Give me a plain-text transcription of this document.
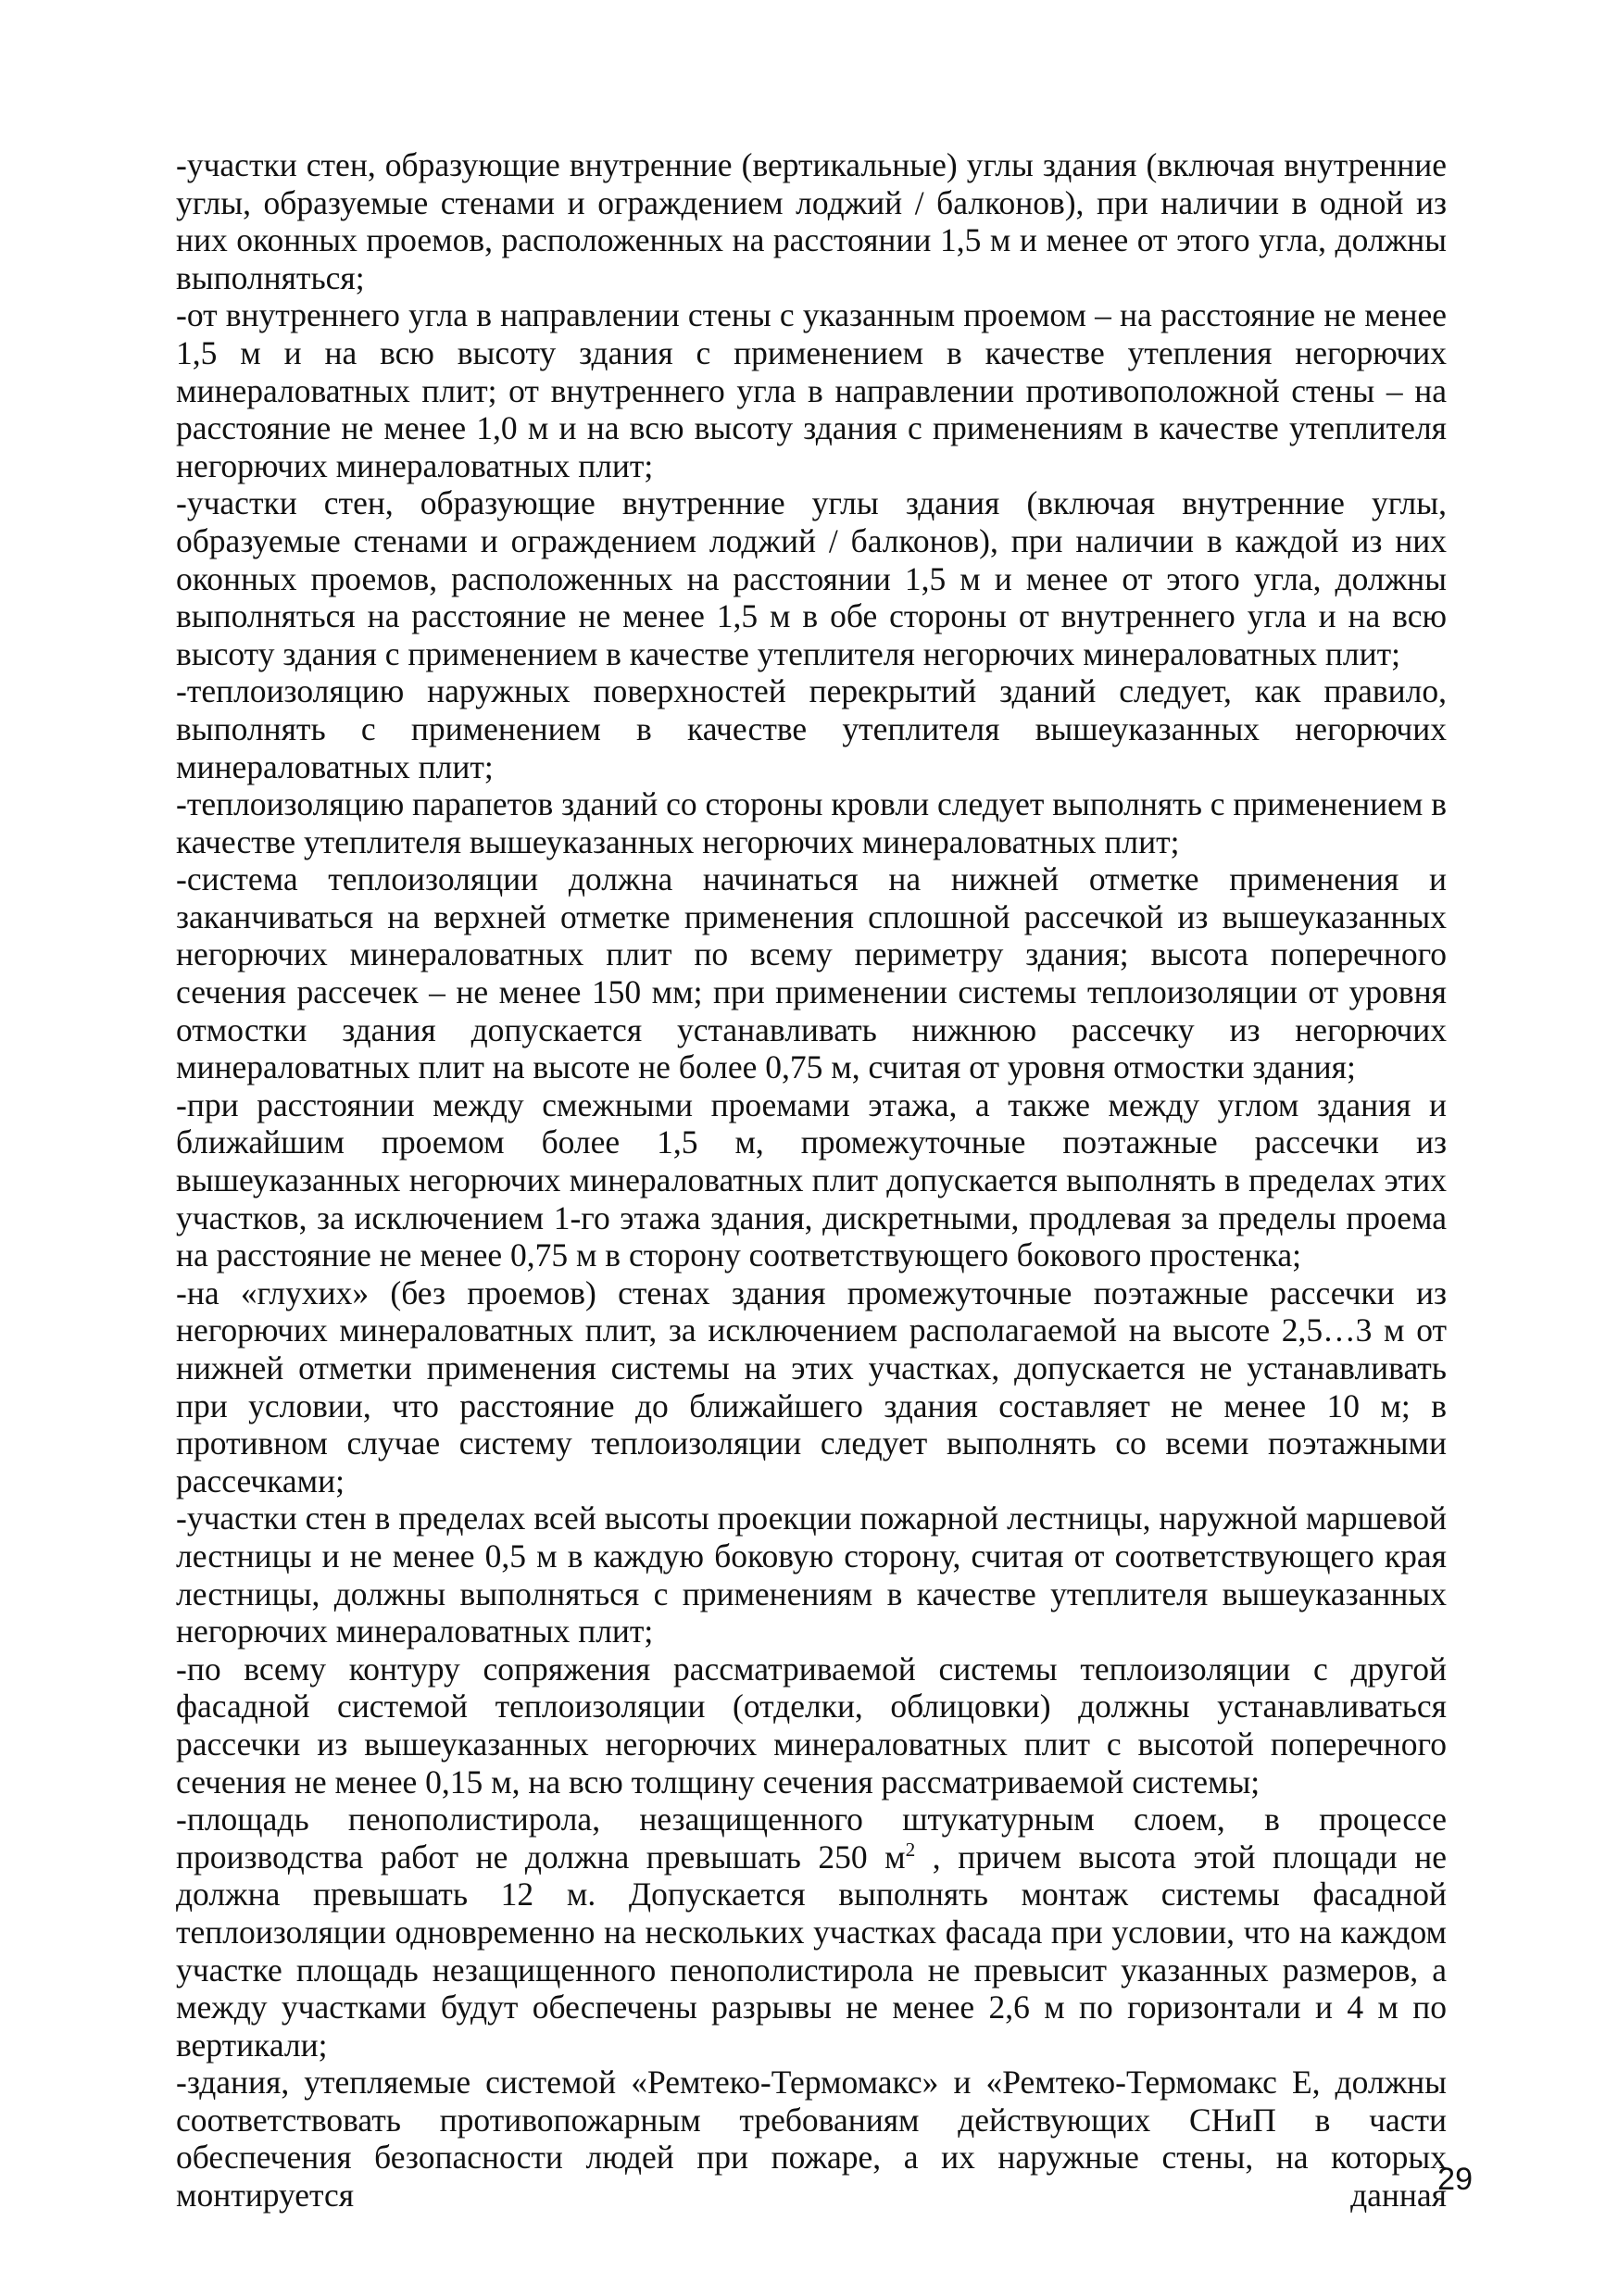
-участки стен, образующие внутренние (вертикальные) углы здания (включая внутренние углы, образуемые стенами и ограждением лоджий / балконов), при наличии в одной из них оконных проемов, расположенных на расстоянии 1,5 м и менее от этого угла, должны выполняться;

-от внутреннего угла в направлении стены с указанным проемом – на расстояние не менее 1,5 м и на всю высоту здания с применением в качестве утепления негорючих минераловатных плит; от внутреннего угла в направлении противоположной стены – на расстояние не менее 1,0 м и на всю высоту здания с применениям в качестве утеплителя негорючих минераловатных плит;

-участки стен, образующие внутренние углы здания (включая внутренние углы, образуемые стенами и ограждением лоджий / балконов), при наличии в каждой из них оконных проемов, расположенных на расстоянии 1,5 м и менее от этого угла, должны выполняться на расстояние не менее 1,5 м в обе стороны от внутреннего угла и на всю высоту здания с применением в качестве утеплителя негорючих минераловатных плит;

-теплоизоляцию наружных поверхностей перекрытий зданий следует, как правило, выполнять с применением в качестве утеплителя вышеуказанных негорючих минераловатных плит;

-теплоизоляцию парапетов зданий со стороны кровли следует выполнять с применением в качестве утеплителя вышеуказанных негорючих минераловатных плит;

-система теплоизоляции должна начинаться на нижней отметке применения и заканчиваться на верхней отметке применения сплошной рассечкой из вышеуказанных негорючих минераловатных плит по всему периметру здания; высота поперечного сечения рассечек – не менее 150 мм; при применении системы теплоизоляции от уровня отмостки здания допускается устанавливать нижнюю рассечку из негорючих минераловатных плит на высоте не более 0,75 м, считая от уровня отмостки здания;

-при расстоянии между смежными проемами этажа, а также между углом здания и ближайшим проемом более 1,5 м, промежуточные поэтажные рассечки из вышеуказанных негорючих минераловатных плит допускается выполнять в пределах этих участков, за исключением 1-го этажа здания, дискретными, продлевая за пределы проема на расстояние не менее 0,75 м в сторону соответствующего бокового простенка;

-на «глухих» (без проемов) стенах здания промежуточные поэтажные рассечки из негорючих минераловатных плит, за исключением располагаемой на высоте 2,5…3 м от нижней отметки применения системы на этих участках, допускается не устанавливать при условии, что расстояние до ближайшего здания составляет не менее 10 м; в противном случае систему теплоизоляции следует выполнять со всеми поэтажными рассечками;

-участки стен в пределах всей высоты проекции пожарной лестницы, наружной маршевой лестницы и не менее 0,5 м в каждую боковую сторону, считая от соответствующего края лестницы, должны выполняться с применениям в качестве утеплителя вышеуказанных негорючих минераловатных плит;

-по всему контуру сопряжения рассматриваемой системы теплоизоляции с другой фасадной системой теплоизоляции (отделки, облицовки) должны устанавливаться рассечки из вышеуказанных негорючих минераловатных плит с высотой поперечного сечения не менее 0,15 м, на всю толщину сечения рассматриваемой системы;

-площадь пенополистирола, незащищенного штукатурным слоем, в процессе производства работ не должна превышать 250 $м^2$ , причем высота этой площади не должна превышать 12 м. Допускается выполнять монтаж системы фасадной теплоизоляции одновременно на нескольких участках фасада при условии, что на каждом участке площадь незащищенного пенополистирола не превысит указанных размеров, а между участками будут обеспечены разрывы не менее 2,6 м по горизонтали и 4 м по вертикали;

-здания, утепляемые системой «Ремтеко-Термомакс» и «Ремтеко-Термомакс Е, должны соответствовать противопожарным требованиям действующих СНиП в части обеспечения безопасности людей при пожаре, а их наружные стены, на которых монтируется данная

29
